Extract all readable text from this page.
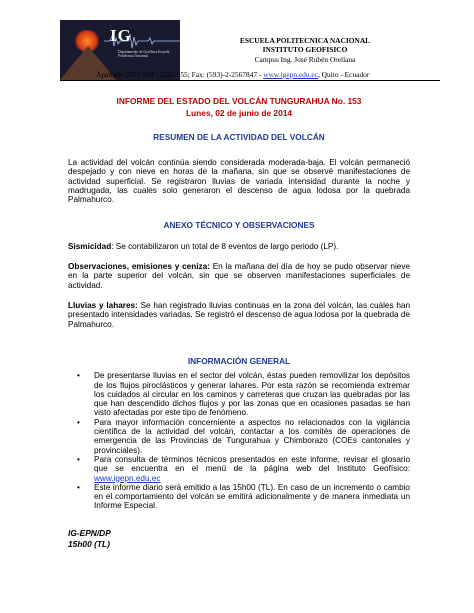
IG
Departamento de Geofísica Escuela Politécnica Nacional
ESCUELA POLITECNICA NACIONAL
INSTITUTO GEOFISICO
Campus Ing. José Rubén Orellana
Apartado 2759 Telf.: 2225-655; Fax: (593)-2-2567847 - www.igepn.edu.ec, Quito - Ecuador
INFORME DEL ESTADO DEL VOLCÁN TUNGURAHUA No. 153
Lunes, 02 de junio de 2014
RESUMEN DE LA ACTIVIDAD DEL VOLCÁN

La actividad del volcán continúa siendo considerada moderada-baja. El volcán permaneció despejado y con nieve en horas de la mañana, sin que se observé manifestaciones de actividad superficial. Se registraron lluvias de variada intensidad durante la noche y madrugada, las cuales solo generaron el descenso de agua lodosa por la quebrada Palmahurco.

ANEXO TÉCNICO Y OBSERVACIONES

Sismicidad: Se contabilizaron un total de 8 eventos de largo periodo (LP).

Observaciones, emisiones y ceniza: En la mañana del día de hoy se pudo observar nieve en la parte superior del volcán, sin que se observen manifestaciones superficiales de actividad.

Lluvias y lahares: Se han registrado lluvias continuas en la zona del volcán, las cuáles han presentado intensidades variadas. Se registró el descenso de agua lodosa por la quebrada de Palmahurco.

INFORMACIÓN GENERAL
• De presentarse lluvias en el sector del volcán, éstas pueden removilizar los depósitos de los flujos piroclásticos y generar lahares. Por esta razón se recomienda extremar los cuidados al circular en los caminos y carreteras que cruzan las quebradas por las que han descendido dichos flujos y por las zonas que en ocasiones pasadas se han visto afectadas por este tipo de fenómeno.
• Para mayor información concerniente a aspectos no relacionados con la vigilancia científica de la actividad del volcán, contactar a los comités de operaciones de emergencia de las Provincias de Tungurahua y Chimborazo (COEs cantonales y provinciales).
• Para consulta de términos técnicos presentados en este informe, revisar el glosario que se encuentra en el menú de la página web del Instituto Geofísico: www.igepn.edu.ec
• Este informe diario será emitido a las 15h00 (TL). En caso de un incremento o cambio en el comportamiento del volcán se emitirá adicionalmente y de manera inmediata un Informe Especial.
IG-EPN/DP
15h00 (TL)
